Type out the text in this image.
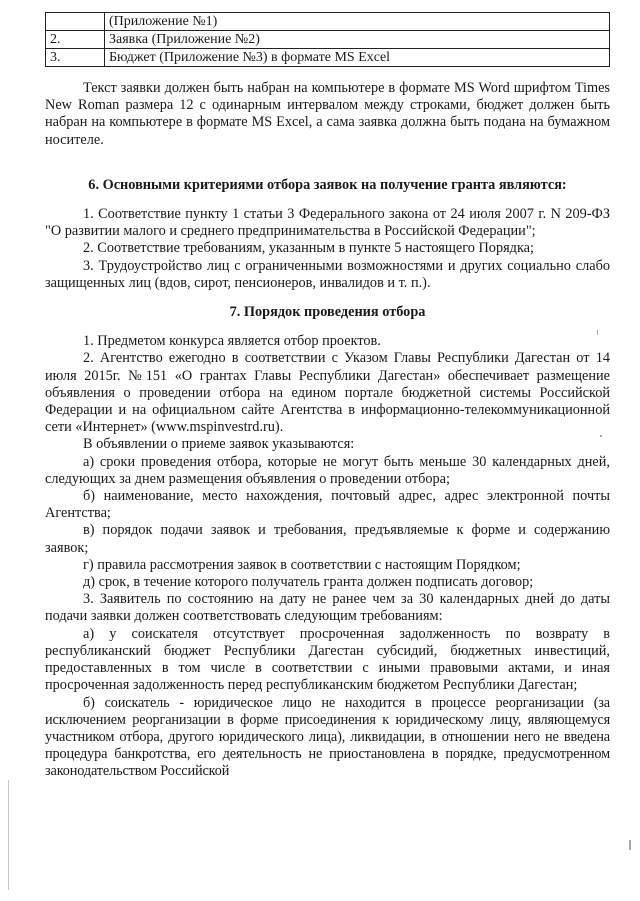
	(Приложение №1)
2.	Заявка (Приложение №2)
3.	Бюджет (Приложение №3) в формате MS Excel

Текст заявки должен быть набран на компьютере в формате MS Word шрифтом Times New Roman размера 12 с одинарным интервалом между строками, бюджет должен быть набран на компьютере в формате MS Excel, а сама заявка должна быть подана на бумажном носителе.

6. Основными критериями отбора заявок на получение гранта являются:

1. Соответствие пункту 1 статьи 3 Федерального закона от 24 июля 2007 г. N 209-ФЗ "О развитии малого и среднего предпринимательства в Российской Федерации";

2. Соответствие требованиям, указанным в пункте 5 настоящего Порядка;

3. Трудоустройство лиц с ограниченными возможностями и других социально слабо защищенных лиц (вдов, сирот, пенсионеров, инвалидов и т. п.).

7. Порядок проведения отбора

1. Предметом конкурса является отбор проектов.

2. Агентство ежегодно в соответствии с Указом Главы Республики Дагестан от 14 июля 2015г. №151 «О грантах Главы Республики Дагестан» обеспечивает размещение объявления о проведении отбора на едином портале бюджетной системы Российской Федерации и на официальном сайте Агентства в информационно-телекоммуникационной сети «Интернет» (www.mspinvestrd.ru).

В объявлении о приеме заявок указываются:

а) сроки проведения отбора, которые не могут быть меньше 30 календарных дней, следующих за днем размещения объявления о проведении отбора;

б) наименование, место нахождения, почтовый адрес, адрес электронной почты Агентства;

в) порядок подачи заявок и требования, предъявляемые к форме и содержанию заявок;

г) правила рассмотрения заявок в соответствии с настоящим Порядком;

д) срок, в течение которого получатель гранта должен подписать договор;

3. Заявитель по состоянию на дату не ранее чем за 30 календарных дней до даты подачи заявки должен соответствовать следующим требованиям:

а) у соискателя отсутствует просроченная задолженность по возврату в республиканский бюджет Республики Дагестан субсидий, бюджетных инвестиций, предоставленных в том числе в соответствии с иными правовыми актами, и иная просроченная задолженность перед республиканским бюджетом Республики Дагестан;

б) соискатель - юридическое лицо не находится в процессе реорганизации (за исключением реорганизации в форме присоединения к юридическому лицу, являющемуся участником отбора, другого юридического лица), ликвидации, в отношении него не введена процедура банкротства, его деятельность не приостановлена в порядке, предусмотренном законодательством Российской
